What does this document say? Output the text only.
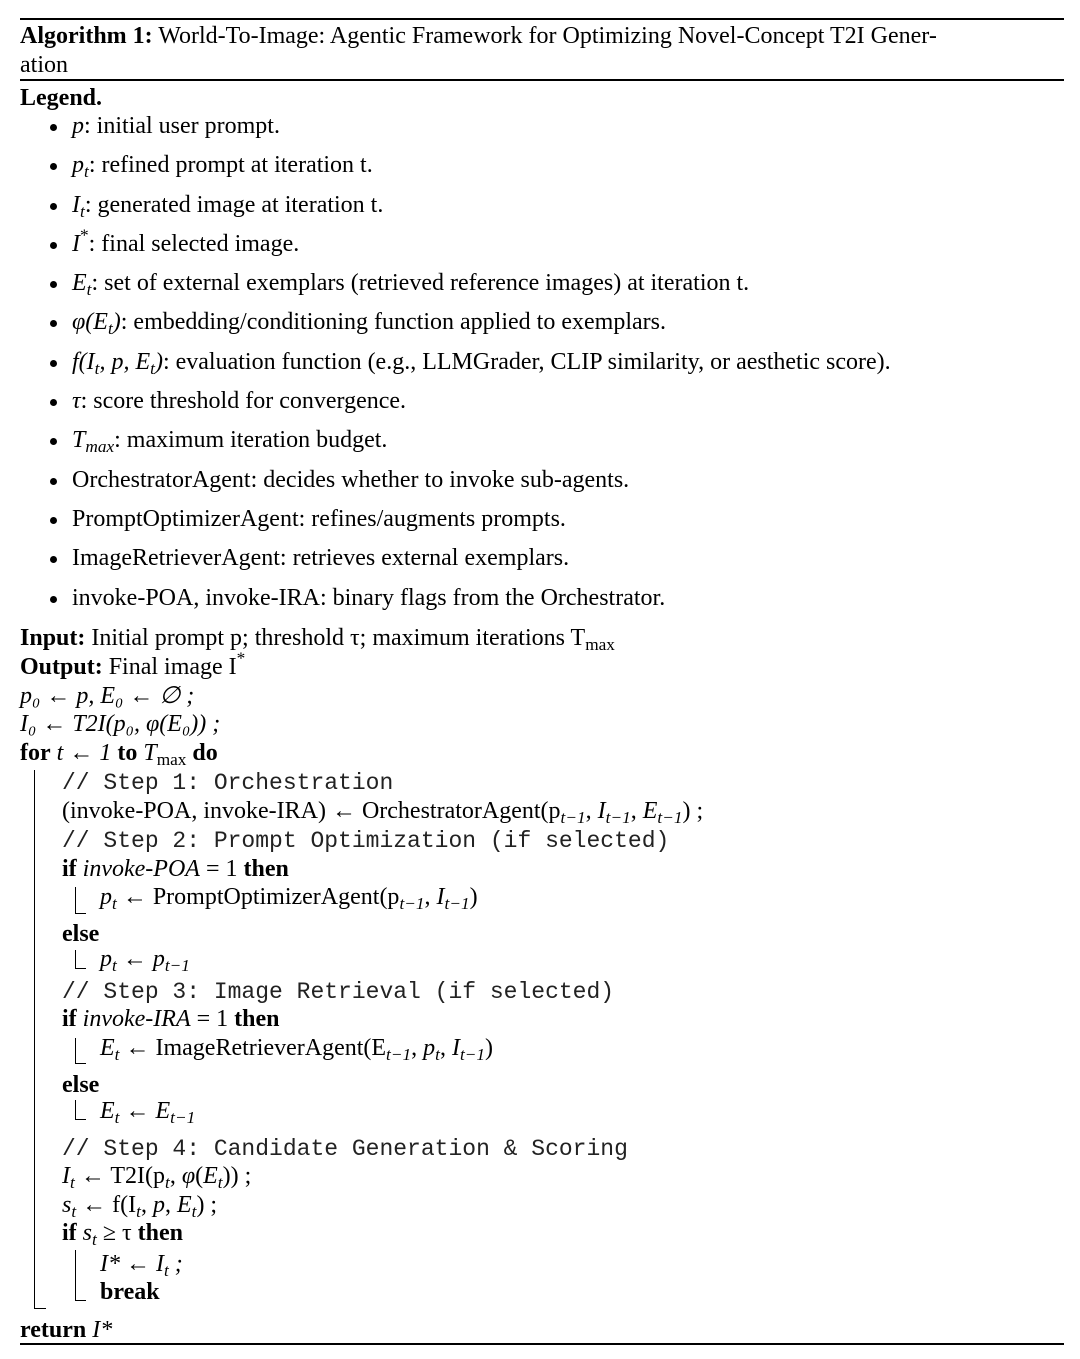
Algorithm 1: World-To-Image: Agentic Framework for Optimizing Novel-Concept T2I Gener-
ation
Legend.
p: initial user prompt.
$p_t$: refined prompt at iteration t.
$I_t$: generated image at iteration t.
I*: final selected image.
$E_t$: set of external exemplars (retrieved reference images) at iteration t.
$\varphi(E_t)$: embedding/conditioning function applied to exemplars.
$f(I_t$, p, $E_t$): evaluation function (e.g., LLMGrader, CLIP similarity, or aesthetic score).
τ: score threshold for convergence.
$T_{max}$: maximum iteration budget.
OrchestratorAgent: decides whether to invoke sub-agents.
PromptOptimizerAgent: refines/augments prompts.
ImageRetrieverAgent: retrieves external exemplars.
invoke-POA, invoke-IRA: binary flags from the Orchestrator.
Input: Initial prompt p; threshold τ; maximum iterations $T_{max}$
Output: Final image I*
p₀ ← p, E₀ ← ∅ ;
I₀ ← T2I(p₀, φ(E₀)) ;
for t ← 1 to $T_{max}$ do
// Step 1: Orchestration
(invoke-POA, invoke-IRA) ← $OrchestratorAgent(p_{t-1}$, $I_{t-1}$, $E_{t-1}$) ;
// Step 2: Prompt Optimization (if selected)
if invoke-POA = 1 then
$p_t$ ← $PromptOptimizerAgent(p_{t-1}$, $I_{t-1}$)
else
$p_t$ ← $p_{t-1}$
// Step 3: Image Retrieval (if selected)
if invoke-IRA = 1 then
$E_t$ ← $ImageRetrieverAgent(E_{t-1}$, $p_t$, $I_{t-1}$)
else
$E_t$ ← $E_{t-1}$
// Step 4: Candidate Generation & Scoring
$I_t$ ← $T2I(p_t$, $\varphi(E_t)$) ;
$s_t$ ← $f(I_t$, p, $E_t$) ;
if $s_t \ge \tau$ then
I* ← $I_t$ ;
break
return I*
